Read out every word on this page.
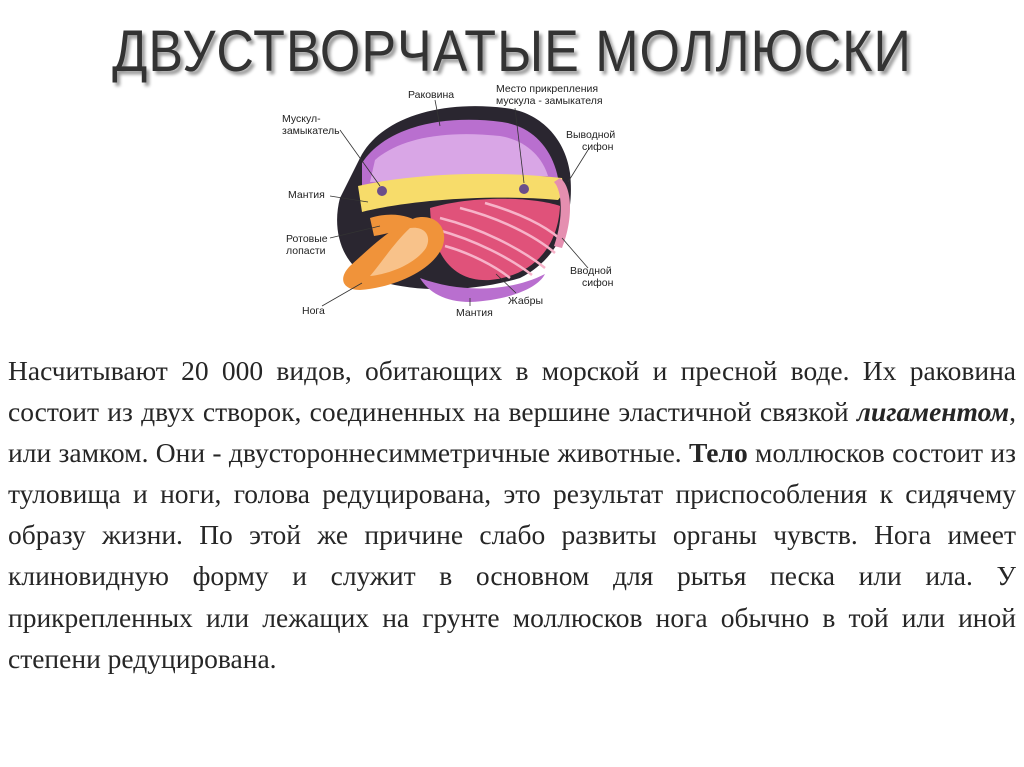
ДВУСТВОРЧАТЫЕ МОЛЛЮСКИ
Раковина	Место прикрепления
мускула - замыкателя
Мускул-
замыкатель	Выводной
сифон
Мантия
Ротовые
лопасти
Вводной
сифон
Нога
Жабры
Мантия

Насчитывают 20 000 видов, обитающих в морской и пресной воде. Их раковина состоит из двух створок, соединенных на вершине эластичной связкой лигаментом, или замком. Они - двустороннесимметричные животные. Тело моллюсков состоит из туловища и ноги, голова редуцирована, это результат приспособления к сидячему образу жизни. По этой же причине слабо развиты органы чувств. Нога имеет клиновидную форму и служит в основном для рытья песка или ила. У прикрепленных или лежащих на грунте моллюсков нога обычно в той или иной степени редуцирована.
